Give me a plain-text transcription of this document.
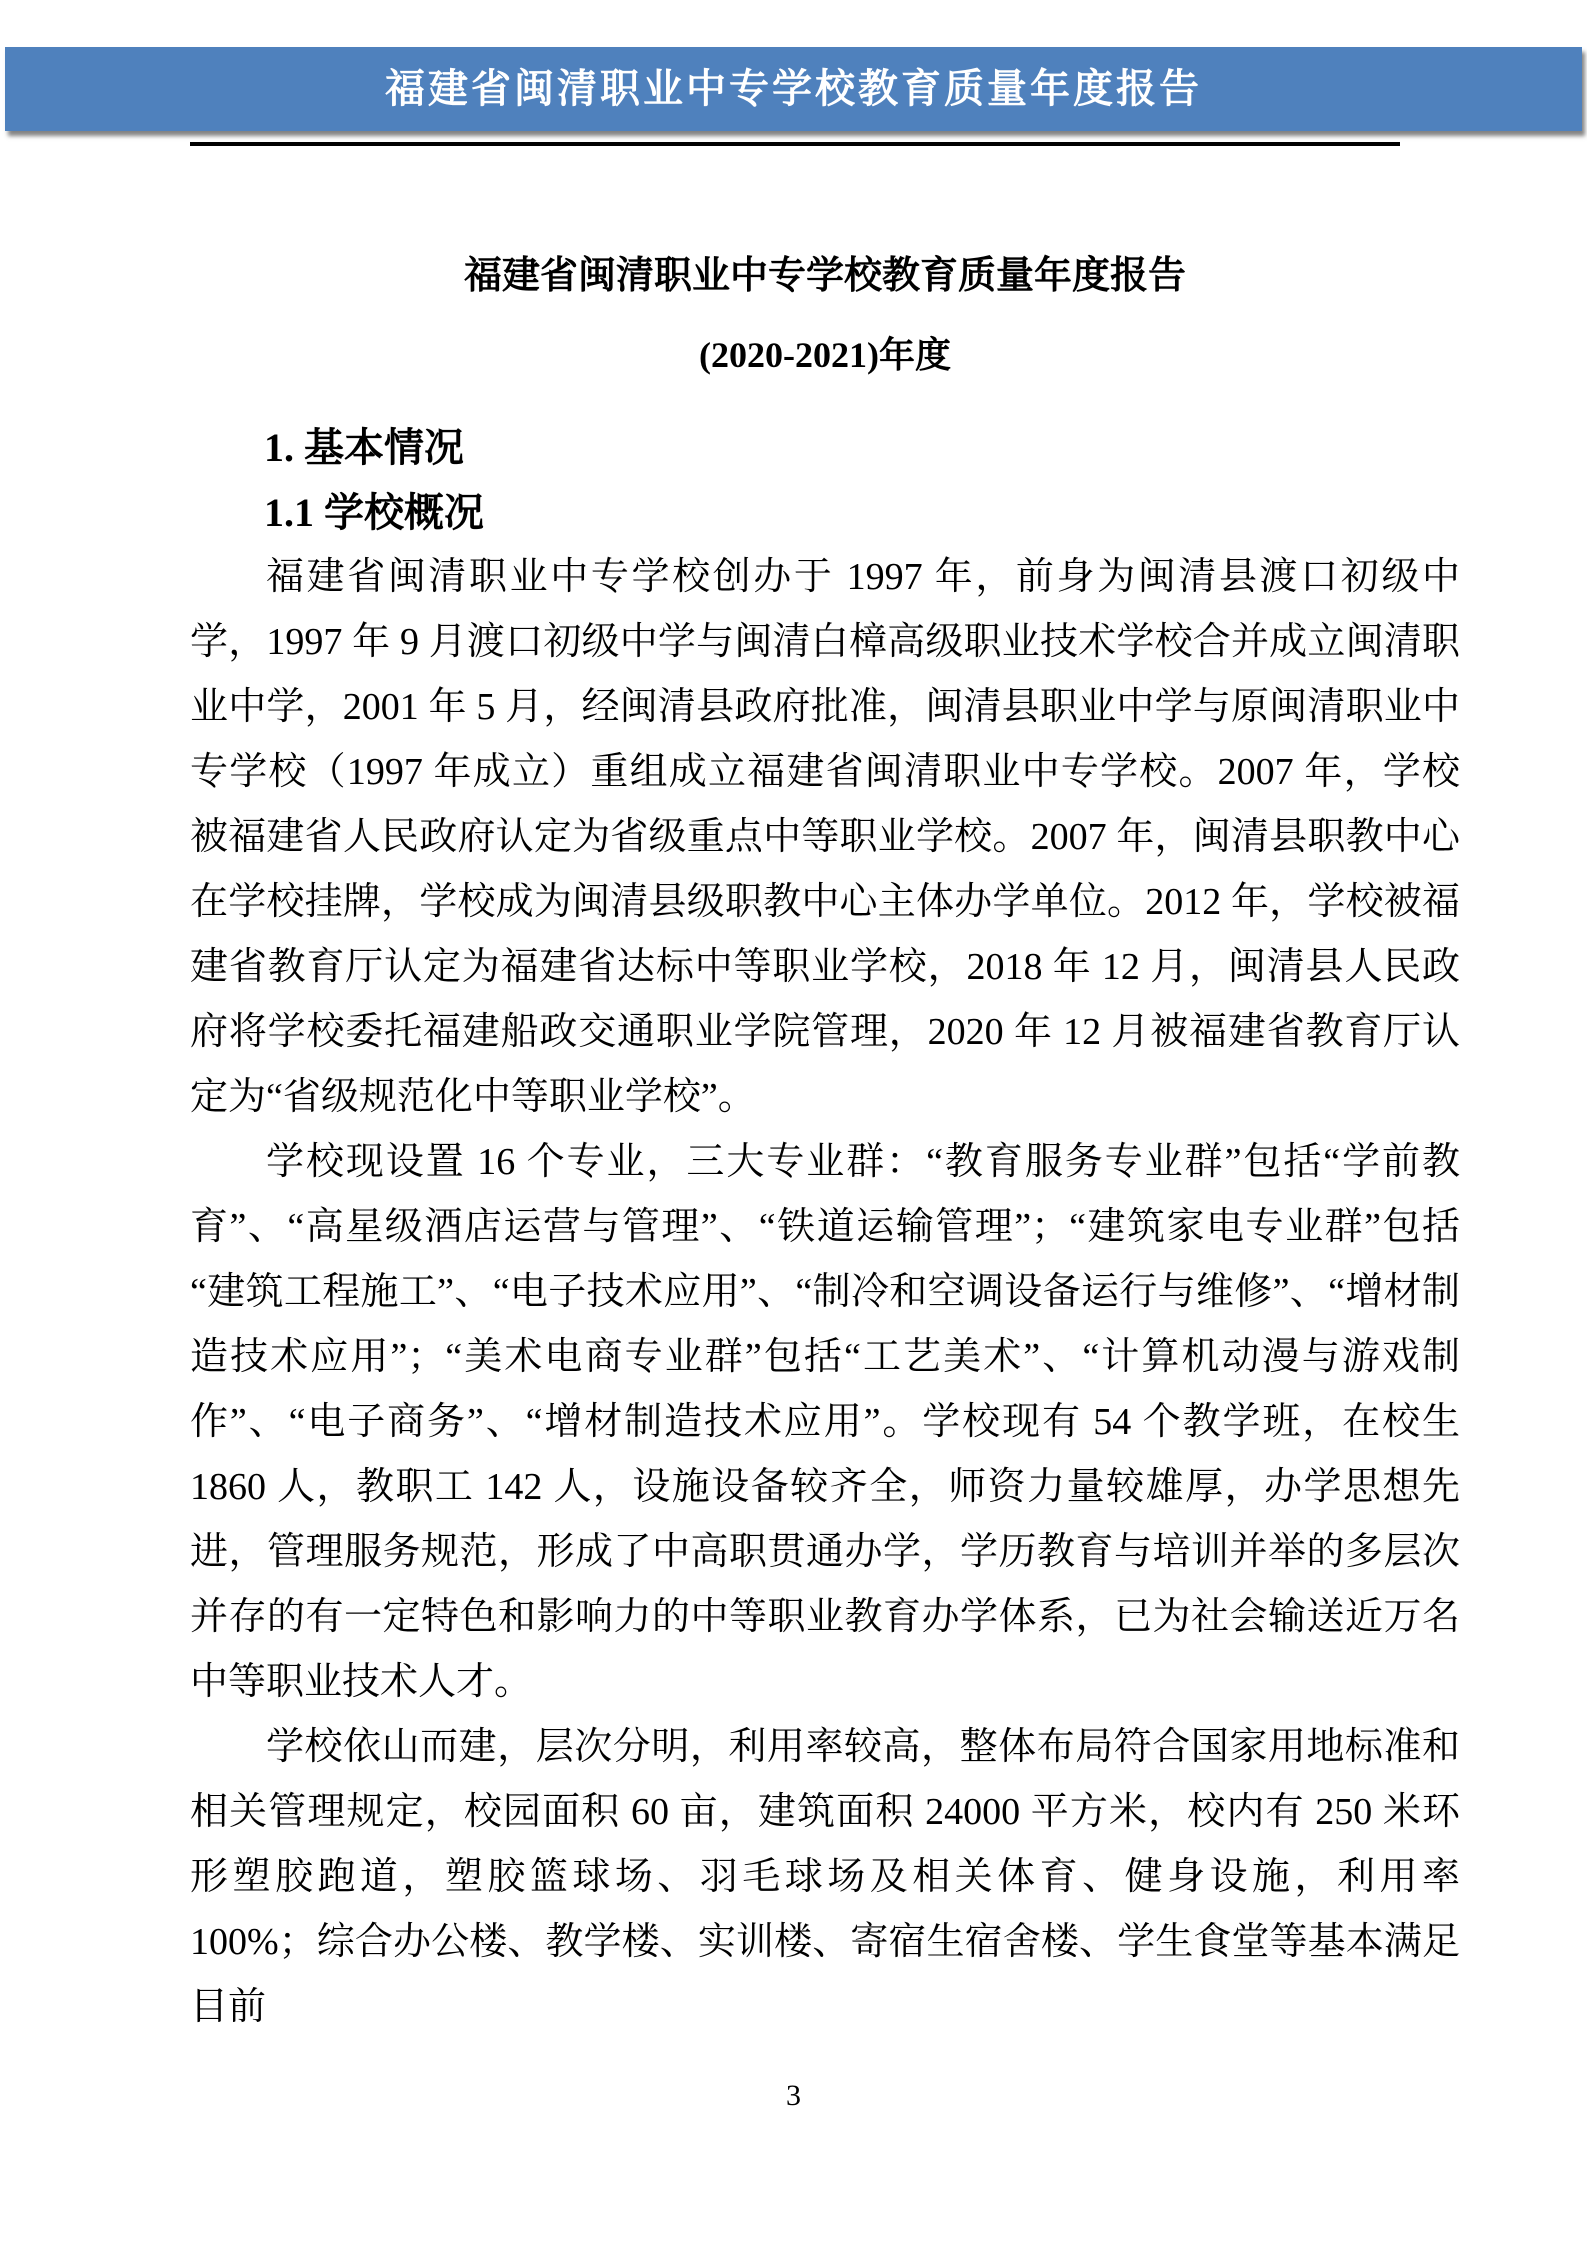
福建省闽清职业中专学校教育质量年度报告
福建省闽清职业中专学校教育质量年度报告
(2020-2021)年度
1. 基本情况
1.1 学校概况

福建省闽清职业中专学校创办于 1997 年，前身为闽清县渡口初级中学，1997 年 9 月渡口初级中学与闽清白樟高级职业技术学校合并成立闽清职业中学，2001 年 5 月，经闽清县政府批准，闽清县职业中学与原闽清职业中专学校（1997 年成立）重组成立福建省闽清职业中专学校。2007 年，学校被福建省人民政府认定为省级重点中等职业学校。2007 年，闽清县职教中心在学校挂牌，学校成为闽清县级职教中心主体办学单位。2012 年，学校被福建省教育厅认定为福建省达标中等职业学校，2018 年 12 月，闽清县人民政府将学校委托福建船政交通职业学院管理，2020 年 12 月被福建省教育厅认定为“省级规范化中等职业学校”。

学校现设置 16 个专业，三大专业群：“教育服务专业群”包括“学前教育”、“高星级酒店运营与管理”、“铁道运输管理”；“建筑家电专业群”包括“建筑工程施工”、“电子技术应用”、“制冷和空调设备运行与维修”、“增材制造技术应用”；“美术电商专业群”包括“工艺美术”、“计算机动漫与游戏制作”、“电子商务”、“增材制造技术应用”。学校现有 54 个教学班，在校生 1860 人，教职工 142 人，设施设备较齐全，师资力量较雄厚，办学思想先进，管理服务规范，形成了中高职贯通办学，学历教育与培训并举的多层次并存的有一定特色和影响力的中等职业教育办学体系，已为社会输送近万名中等职业技术人才。

学校依山而建，层次分明，利用率较高，整体布局符合国家用地标准和相关管理规定，校园面积 60 亩，建筑面积 24000 平方米，校内有 250 米环形塑胶跑道，塑胶篮球场、羽毛球场及相关体育、健身设施，利用率 100%；综合办公楼、教学楼、实训楼、寄宿生宿舍楼、学生食堂等基本满足目前

3
